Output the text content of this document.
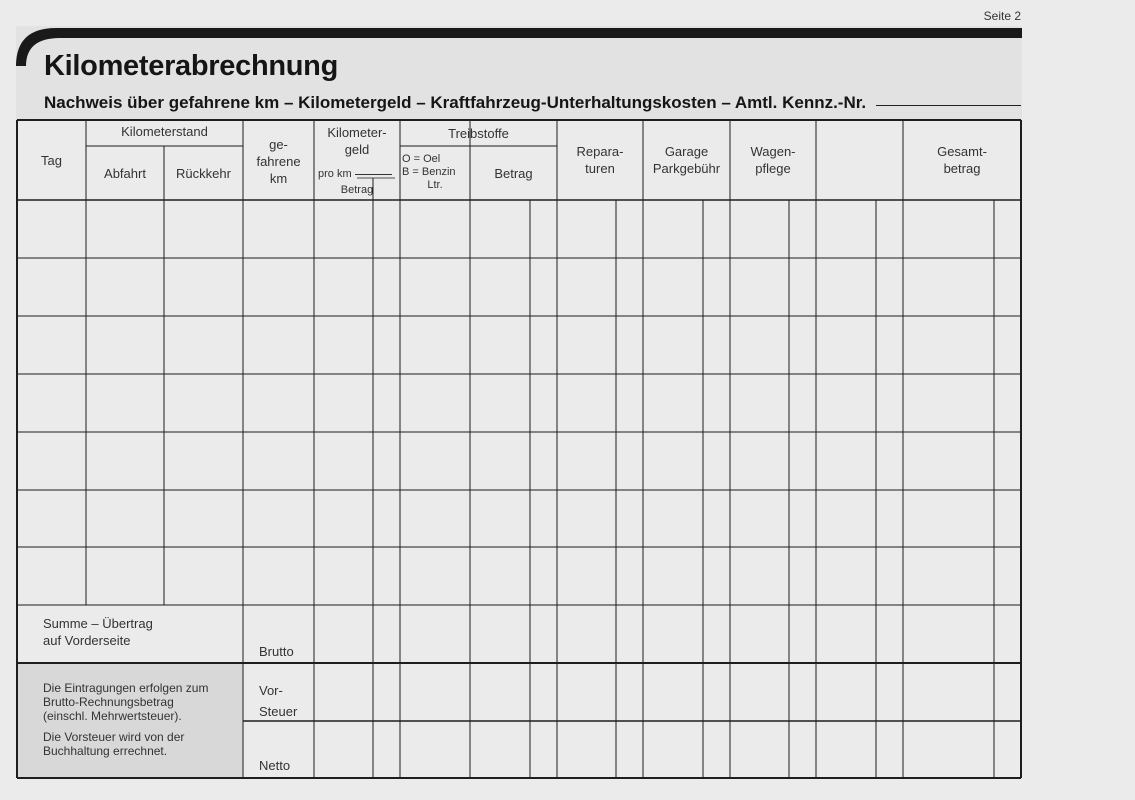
Seite 2
Kilometerabrechnung
Nachweis über gefahrene km – Kilometergeld – Kraftfahrzeug-Unterhaltungskosten – Amtl. Kennz.-Nr.
Tag
Kilometerstand
Abfahrt	Rückkehr
ge-
fahrene
km
Kilometer-
geld
pro km
Betrag
Treibstoffe
O = Oel
B = Benzin
Ltr.
Betrag
Repara-
turen
Garage
Parkgebühr
Wagen-
pflege
Gesamt-
betrag
Summe – Übertrag
auf Vorderseite
Brutto
Vor-
Steuer
Netto
Die Eintragungen erfolgen zum
Brutto-Rechnungsbetrag
(einschl. Mehrwertsteuer).
Die Vorsteuer wird von der
Buchhaltung errechnet.
